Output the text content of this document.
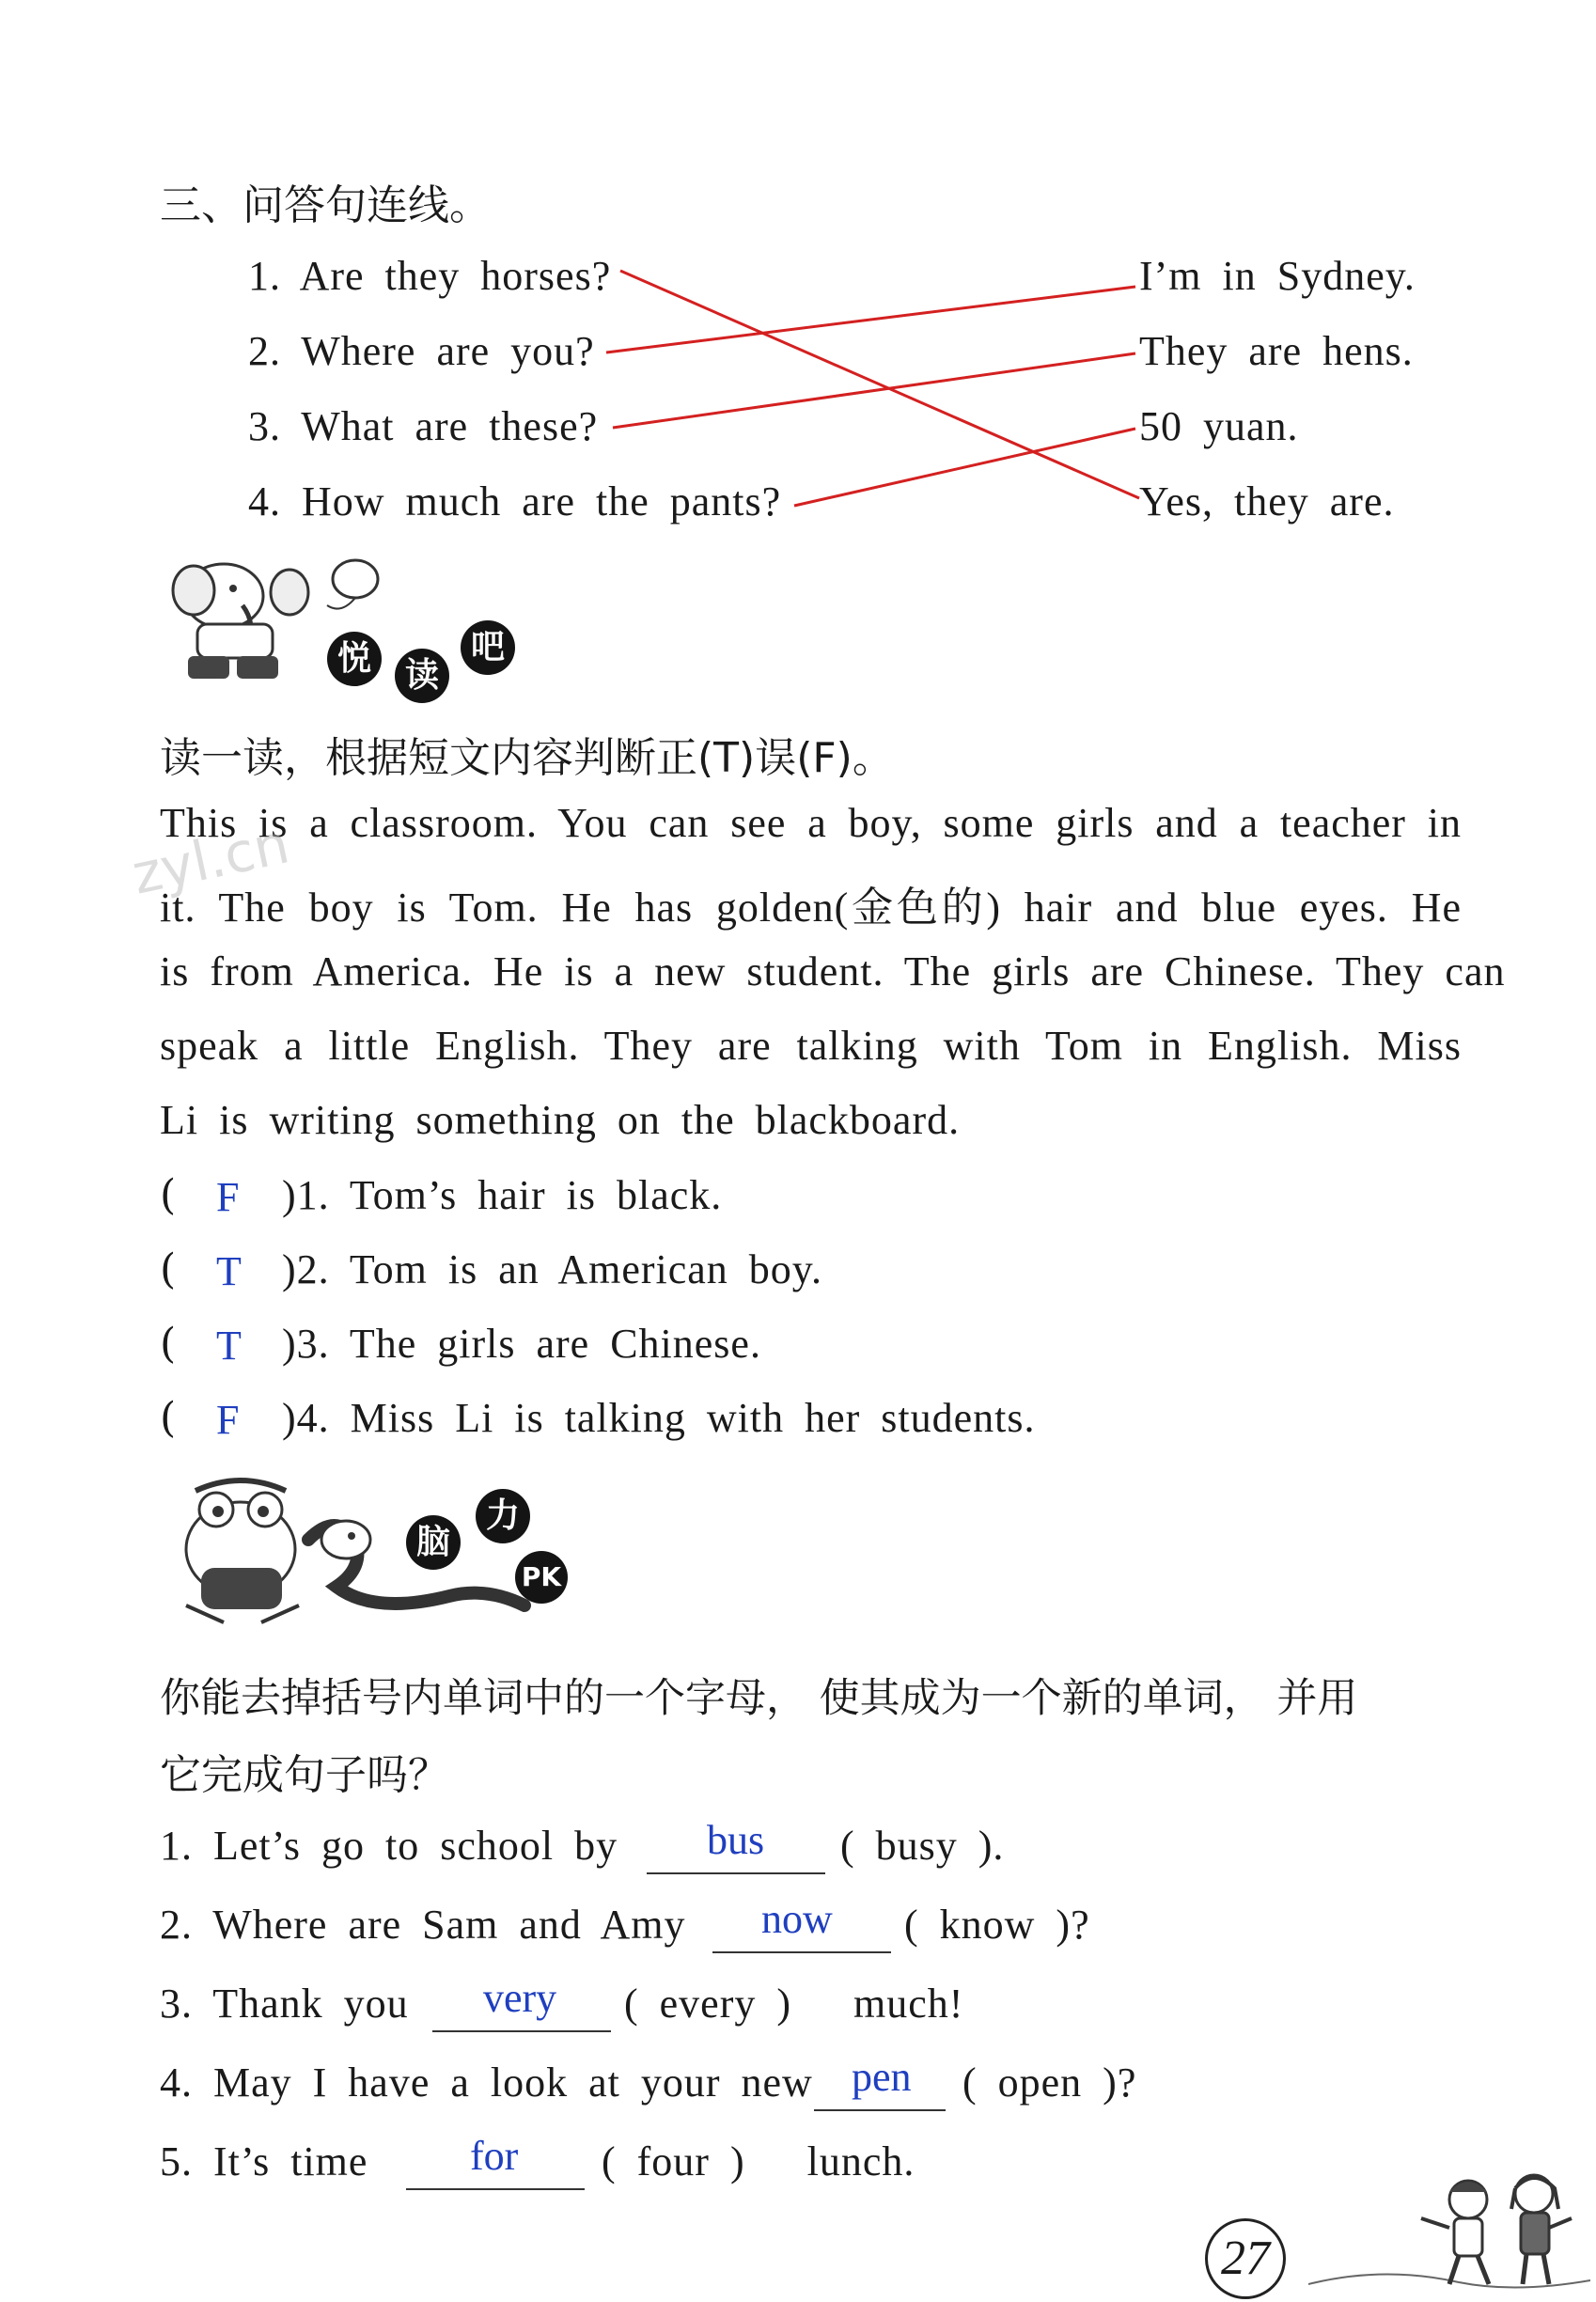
三、问答句连线。
1. Are they horses?
2. Where are you?
3. What are these?
4. How much are the pants?
I’m in Sydney.
They are hens.
50 yuan.
Yes, they are.
悦 读
吧
读一读，根据短文内容判断正(T)误(F)。
This is a classroom. You can see a boy, some girls and a teacher in
it. The boy is Tom. He has golden(金色的) hair and blue eyes. He
is from America. He is a new student. The girls are Chinese. They can
speak a little English. They are talking with Tom in English. Miss
Li is writing something on the blackboard.
zyl.cn
( F )1. Tom’s hair is black.
( T )2. Tom is an American boy.
( T )3. The girls are Chinese.
( F )4. Miss Li is talking with her students.
脑
力
PK
你能去掉括号内单词中的一个字母， 使其成为一个新的单词， 并用
它完成句子吗？
1. Let’s go to school by bus ( busy ).
2. Where are Sam and Amy now ( know )?
3. Thank you very ( every )   much!
4. May I have a look at your new pen ( open )?
5. It’s time for ( four )   lunch.
27
